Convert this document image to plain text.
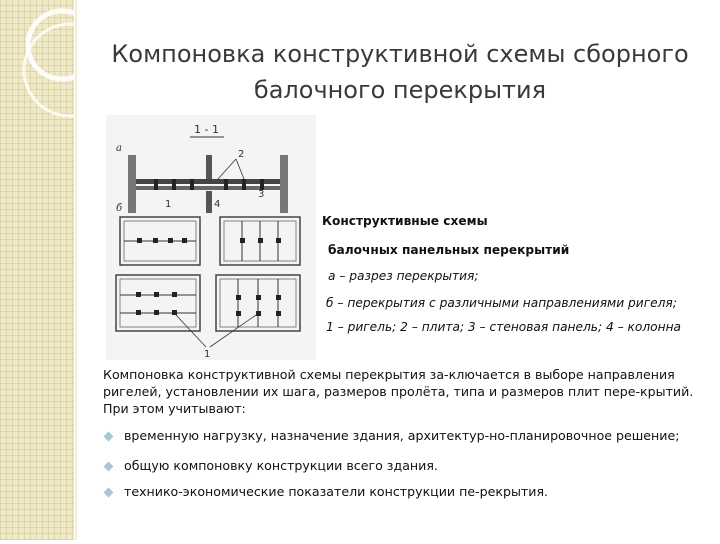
Компоновка конструктивной схемы сборного
балочного перекрытия
1 - 1
а
2
1	4
3
б
1
Конструктивные схемы
балочных панельных перекрытий
а – разрез перекрытия;
б – перекрытия с различными направлениями ригеля;
1 – ригель; 2 – плита; 3 – стеновая панель; 4 – колонна
Компоновка конструктивной схемы перекрытия за-ключается в выборе направления ригелей, установлении их шага, размеров пролёта, типа и размеров плит пере-крытий. При этом учитывают:
временную нагрузку, назначение здания, архитектур-но-планировочное решение;
общую компоновку конструкции всего здания.
технико-экономические показатели конструкции пе-рекрытия.
